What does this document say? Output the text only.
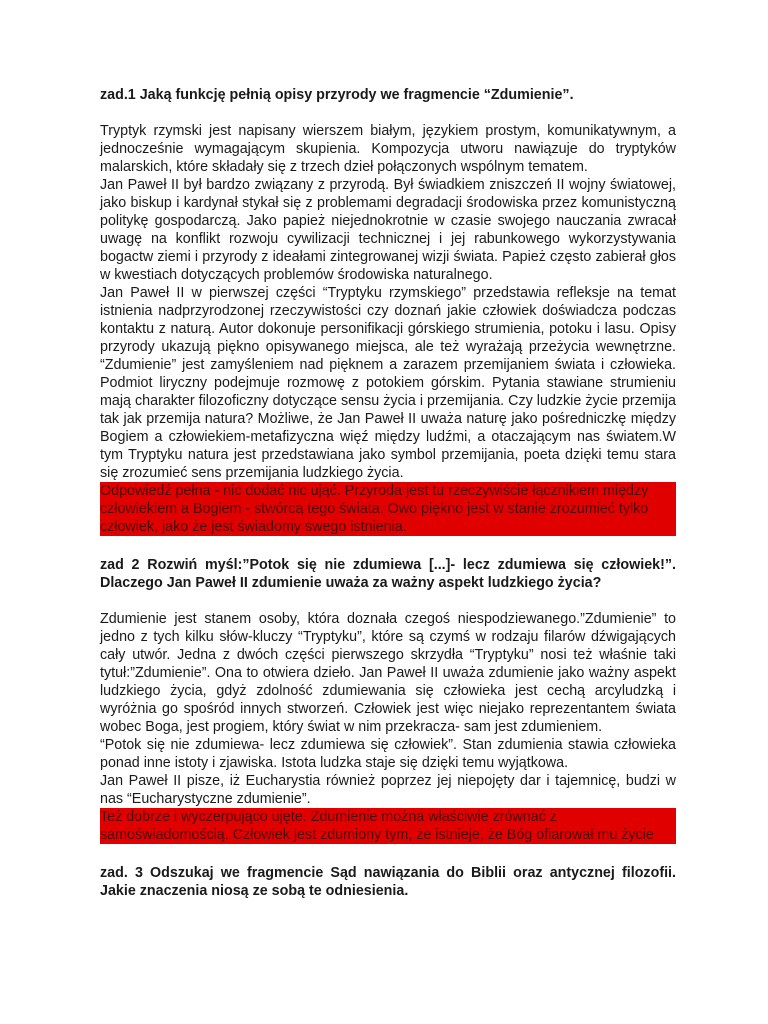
zad.1 Jaką funkcję pełnią opisy przyrody we fragmencie “Zdumienie”.

Tryptyk rzymski jest napisany wierszem białym, językiem prostym, komunikatywnym, a jednocześnie wymagającym skupienia. Kompozycja utworu nawiązuje do tryptyków malarskich, które składały się z trzech dzieł połączonych wspólnym tematem.

Jan Paweł II był bardzo związany z przyrodą. Był świadkiem zniszczeń II wojny światowej, jako biskup i kardynał stykał się z problemami degradacji środowiska przez komunistyczną politykę gospodarczą. Jako papież niejednokrotnie w czasie swojego nauczania zwracał uwagę na konflikt rozwoju cywilizacji technicznej i jej rabunkowego wykorzystywania bogactw ziemi i przyrody z ideałami zintegrowanej wizji świata. Papież często zabierał głos w kwestiach dotyczących problemów środowiska naturalnego.

Jan Paweł II w pierwszej części “Tryptyku rzymskiego” przedstawia refleksje na temat istnienia nadprzyrodzonej rzeczywistości czy doznań jakie człowiek doświadcza podczas kontaktu z naturą. Autor dokonuje personifikacji górskiego strumienia, potoku i lasu. Opisy przyrody ukazują piękno opisywanego miejsca, ale też wyrażają przeżycia wewnętrzne. “Zdumienie” jest zamyśleniem nad pięknem a zarazem przemijaniem świata i człowieka. Podmiot liryczny podejmuje rozmowę z potokiem górskim. Pytania stawiane strumieniu mają charakter filozoficzny dotyczące sensu życia i przemijania. Czy ludzkie życie przemija tak jak przemija natura? Możliwe, że Jan Paweł II uważa naturę jako pośredniczkę między Bogiem a człowiekiem-metafizyczna więź między ludźmi, a otaczającym nas światem.W tym Tryptyku natura jest przedstawiana jako symbol przemijania, poeta dzięki temu stara się zrozumieć sens przemijania ludzkiego życia.

Odpowiedź pełna - nic dodać nic ująć. Przyroda jest tu rzeczywiście łącznikiem między
człowiekiem a Bogiem - stwórcą tego świata. Owo piękno jest w stanie zrozumieć tylko
człowiek, jako że jest świadomy swego istnienia.

zad 2 Rozwiń myśl:”Potok się nie zdumiewa [...]- lecz zdumiewa się człowiek!”. Dlaczego Jan Paweł II zdumienie uważa za ważny aspekt ludzkiego życia?

Zdumienie jest stanem osoby, która doznała czegoś niespodziewanego.”Zdumienie” to jedno z tych kilku słów-kluczy “Tryptyku”, które są czymś w rodzaju filarów dźwigających cały utwór. Jedna z dwóch części pierwszego skrzydła “Tryptyku” nosi też właśnie taki tytuł:”Zdumienie”. Ona to otwiera dzieło. Jan Paweł II uważa zdumienie jako ważny aspekt ludzkiego życia, gdyż zdolność zdumiewania się człowieka jest cechą arcyludzką i wyróżnia go spośród innych stworzeń. Człowiek jest więc niejako reprezentantem świata wobec Boga, jest progiem, który świat w nim przekracza- sam jest zdumieniem.

“Potok się nie zdumiewa- lecz zdumiewa się człowiek”. Stan zdumienia stawia człowieka ponad inne istoty i zjawiska. Istota ludzka staje się dzięki temu wyjątkowa.

Jan Paweł II pisze, iż Eucharystia również poprzez jej niepojęty dar i tajemnicę, budzi w nas “Eucharystyczne zdumienie”.

Też dobrze i wyczerpująco ujęte. Zdumienie można właściwie zrównać z
samoświadomością. Człowiek jest zdumiony tym, że istnieje, że Bóg ofiarował mu życie

zad. 3 Odszukaj we fragmencie Sąd nawiązania do Biblii oraz antycznej filozofii. Jakie znaczenia niosą ze sobą te odniesienia.
